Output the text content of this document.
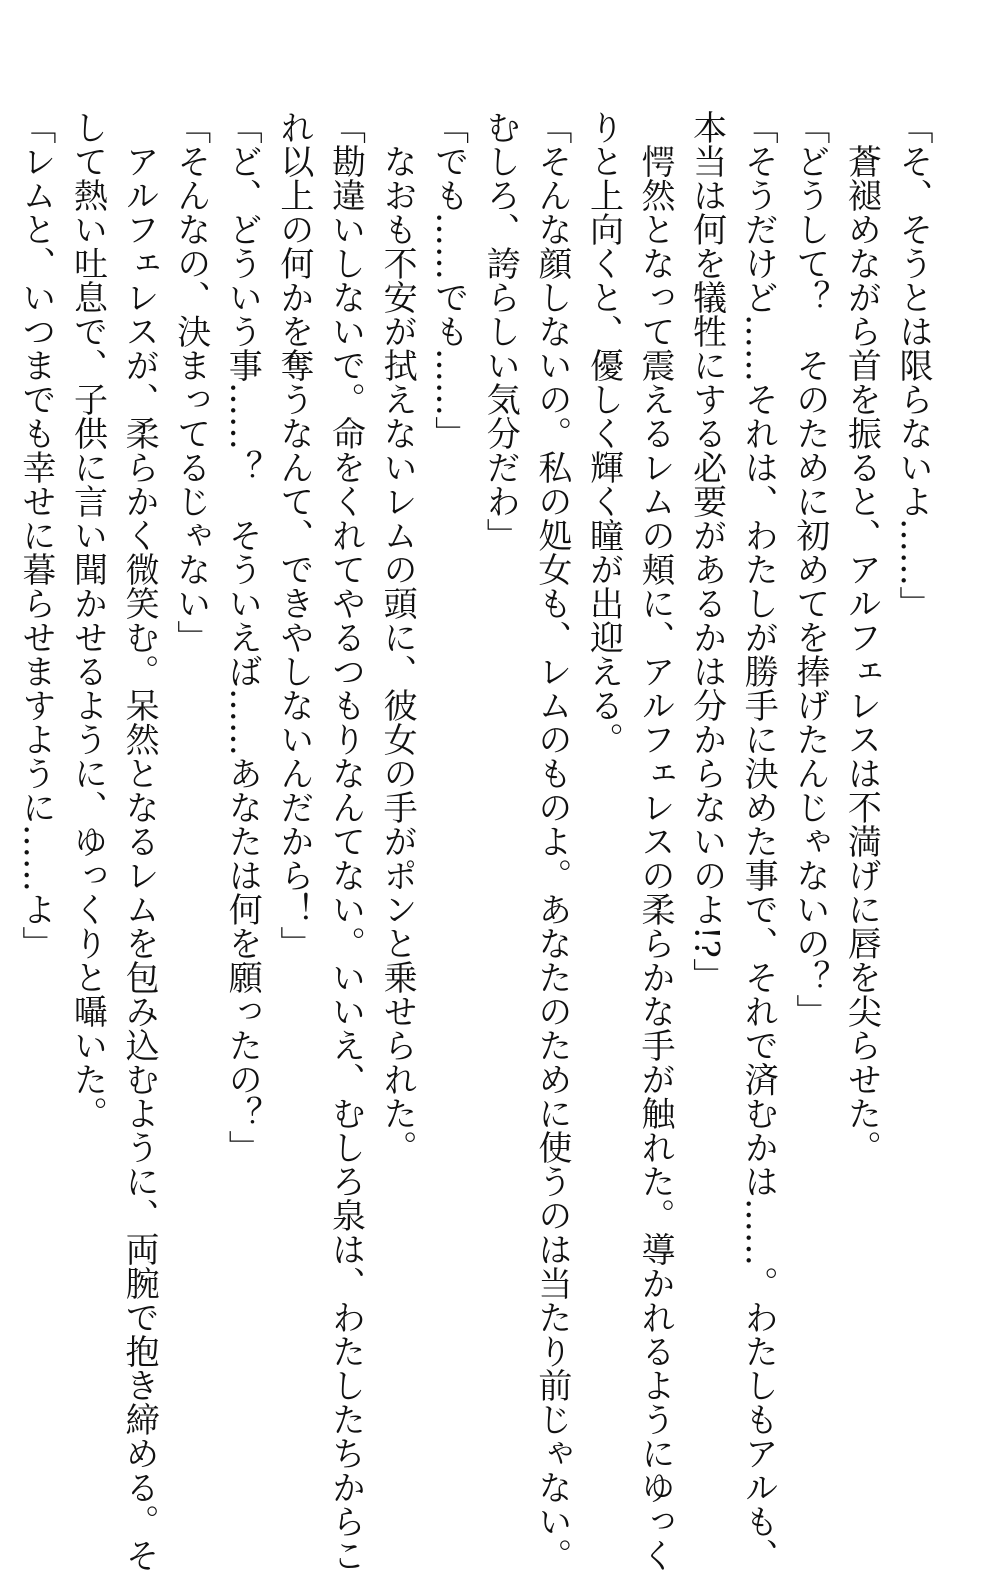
「そ、そうとは限らないよ……」
　蒼褪めながら首を振ると、アルフェレスは不満げに唇を尖らせた。
「どうして？　そのために初めてを捧げたんじゃないの？」
「そうだけど……それは、わたしが勝手に決めた事で、それで済むかは……。わたしもアルも、
本当は何を犠牲にする必要があるかは分からないのよ!?」
　愕然となって震えるレムの頬に、アルフェレスの柔らかな手が触れた。導かれるようにゆっく
りと上向くと、優しく輝く瞳が出迎える。
「そんな顔しないの。私の処女も、レムのものよ。あなたのために使うのは当たり前じゃない。
むしろ、誇らしい気分だわ」
「でも……でも……」
　なおも不安が拭えないレムの頭に、彼女の手がポンと乗せられた。
「勘違いしないで。命をくれてやるつもりなんてない。いいえ、むしろ泉は、わたしたちからこ
れ以上の何かを奪うなんて、できやしないんだから！」
「ど、どういう事……？　そういえば……あなたは何を願ったの？」
「そんなの、決まってるじゃない」
　アルフェレスが、柔らかく微笑む。呆然となるレムを包み込むように、両腕で抱き締める。そ
して熱い吐息で、子供に言い聞かせるように、ゆっくりと囁いた。
「レムと、いつまでも幸せに暮らせますように……よ」
